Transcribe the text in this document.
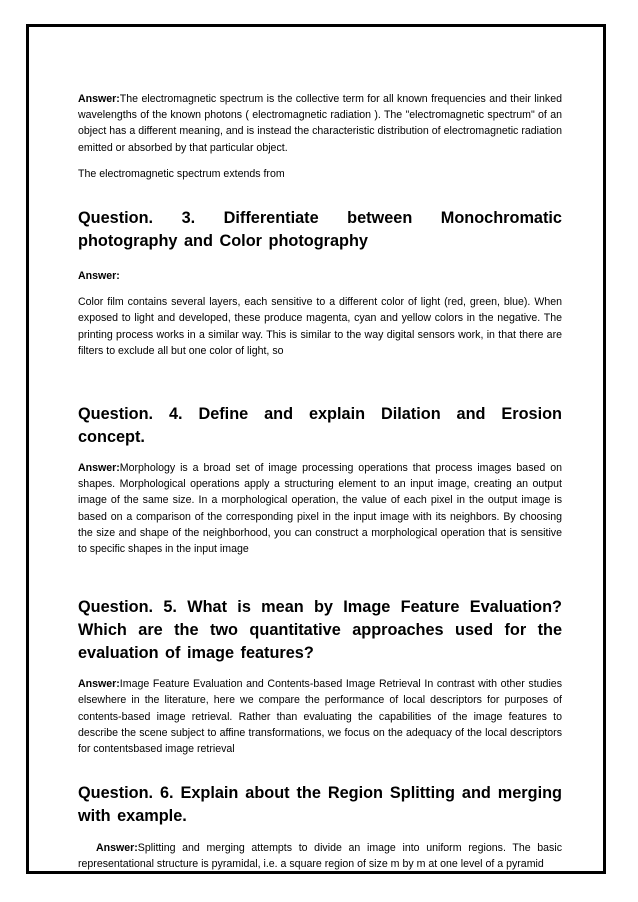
Answer:The electromagnetic spectrum is the collective term for all known frequencies and their linked wavelengths of the known photons ( electromagnetic radiation ). The "electromagnetic spectrum" of an object has a different meaning, and is instead the characteristic distribution of electromagnetic radiation emitted or absorbed by that particular object.

The electromagnetic spectrum extends from

Question. 3. Differentiate between Monochromatic photography and Color photography

Answer:

Color film contains several layers, each sensitive to a different color of light (red, green, blue). When exposed to light and developed, these produce magenta, cyan and yellow colors in the negative. The printing process works in a similar way. This is similar to the way digital sensors work, in that there are filters to exclude all but one color of light, so

Question. 4. Define and explain Dilation and Erosion concept.

Answer:Morphology is a broad set of image processing operations that process images based on shapes. Morphological operations apply a structuring element to an input image, creating an output image of the same size. In a morphological operation, the value of each pixel in the output image is based on a comparison of the corresponding pixel in the input image with its neighbors. By choosing the size and shape of the neighborhood, you can construct a morphological operation that is sensitive to specific shapes in the input image

Question. 5. What is mean by Image Feature Evaluation? Which are the two quantitative approaches used for the evaluation of image features?

Answer:Image Feature Evaluation and Contents-based Image Retrieval In contrast with other studies elsewhere in the literature, here we compare the performance of local descriptors for purposes of contents-based image retrieval. Rather than evaluating the capabilities of the image features to describe the scene subject to affine transformations, we focus on the adequacy of the local descriptors for contentsbased image retrieval

Question. 6. Explain about the Region Splitting and merging with example.

Answer:Splitting and merging attempts to divide an image into uniform regions. The basic representational structure is pyramidal, i.e. a square region of size m by m at one level of a pyramid
